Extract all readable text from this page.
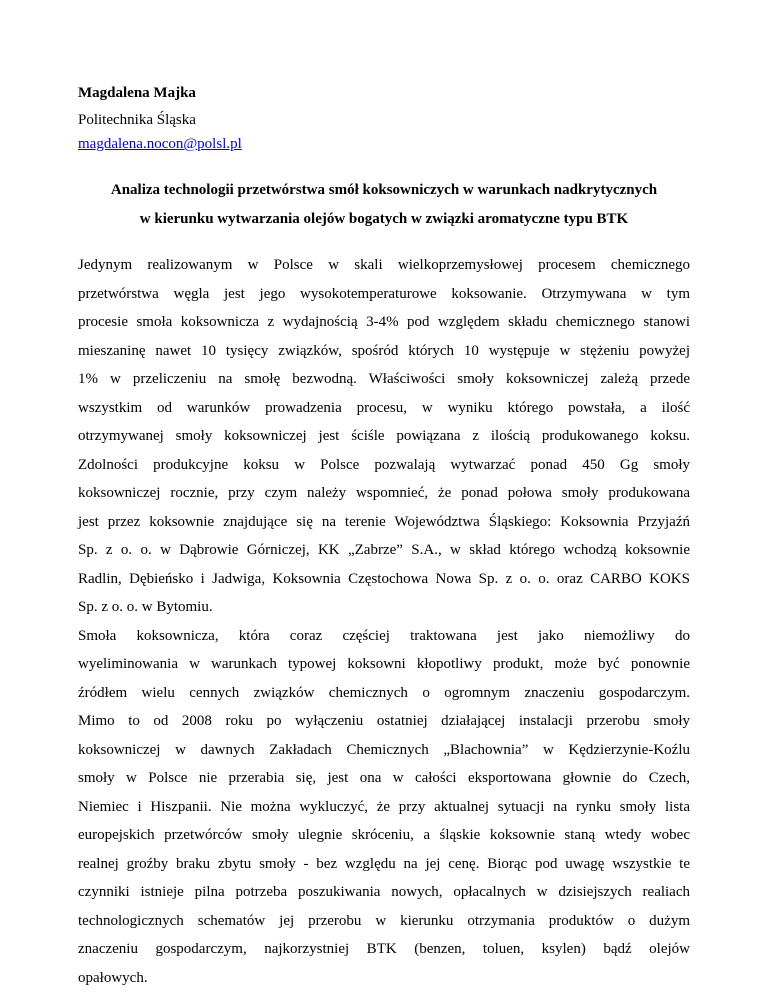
Magdalena Majka
Politechnika Śląska
magdalena.nocon@polsl.pl
Analiza technologii przetwórstwa smół koksowniczych w warunkach nadkrytycznych
w kierunku wytwarzania olejów bogatych w związki aromatyczne typu BTK
Jedynym realizowanym w Polsce w skali wielkoprzemysłowej procesem chemicznego
przetwórstwa węgla jest jego wysokotemperaturowe koksowanie. Otrzymywana w tym
procesie smoła koksownicza z wydajnością 3-4% pod względem składu chemicznego stanowi
mieszaninę nawet 10 tysięcy związków, spośród których 10 występuje w stężeniu powyżej
1% w przeliczeniu na smołę bezwodną. Właściwości smoły koksowniczej zależą przede
wszystkim od warunków prowadzenia procesu, w wyniku którego powstała, a ilość
otrzymywanej smoły koksowniczej jest ściśle powiązana z ilością produkowanego koksu.
Zdolności produkcyjne koksu w Polsce pozwalają wytwarzać ponad 450 Gg smoły
koksowniczej rocznie, przy czym należy wspomnieć, że ponad połowa smoły produkowana
jest przez koksownie znajdujące się na terenie Województwa Śląskiego: Koksownia Przyjaźń
Sp. z o. o. w Dąbrowie Górniczej, KK „Zabrze” S.A., w skład którego wchodzą koksownie
Radlin, Dębieńsko i Jadwiga, Koksownia Częstochowa Nowa Sp. z o. o. oraz CARBO KOKS
Sp. z o. o. w Bytomiu.
Smoła koksownicza, która coraz częściej traktowana jest jako niemożliwy do
wyeliminowania w warunkach typowej koksowni kłopotliwy produkt, może być ponownie
źródłem wielu cennych związków chemicznych o ogromnym znaczeniu gospodarczym.
Mimo to od 2008 roku po wyłączeniu ostatniej działającej instalacji przerobu smoły
koksowniczej w dawnych Zakładach Chemicznych „Blachownia” w Kędzierzynie-Koźlu
smoły w Polsce nie przerabia się, jest ona w całości eksportowana głownie do Czech,
Niemiec i Hiszpanii. Nie można wykluczyć, że przy aktualnej sytuacji na rynku smoły lista
europejskich przetwórców smoły ulegnie skróceniu, a śląskie koksownie staną wtedy wobec
realnej groźby braku zbytu smoły - bez względu na jej cenę. Biorąc pod uwagę wszystkie te
czynniki istnieje pilna potrzeba poszukiwania nowych, opłacalnych w dzisiejszych realiach
technologicznych schematów jej przerobu w kierunku otrzymania produktów o dużym
znaczeniu gospodarczym, najkorzystniej BTK (benzen, toluen, ksylen) bądź olejów
opałowych.
